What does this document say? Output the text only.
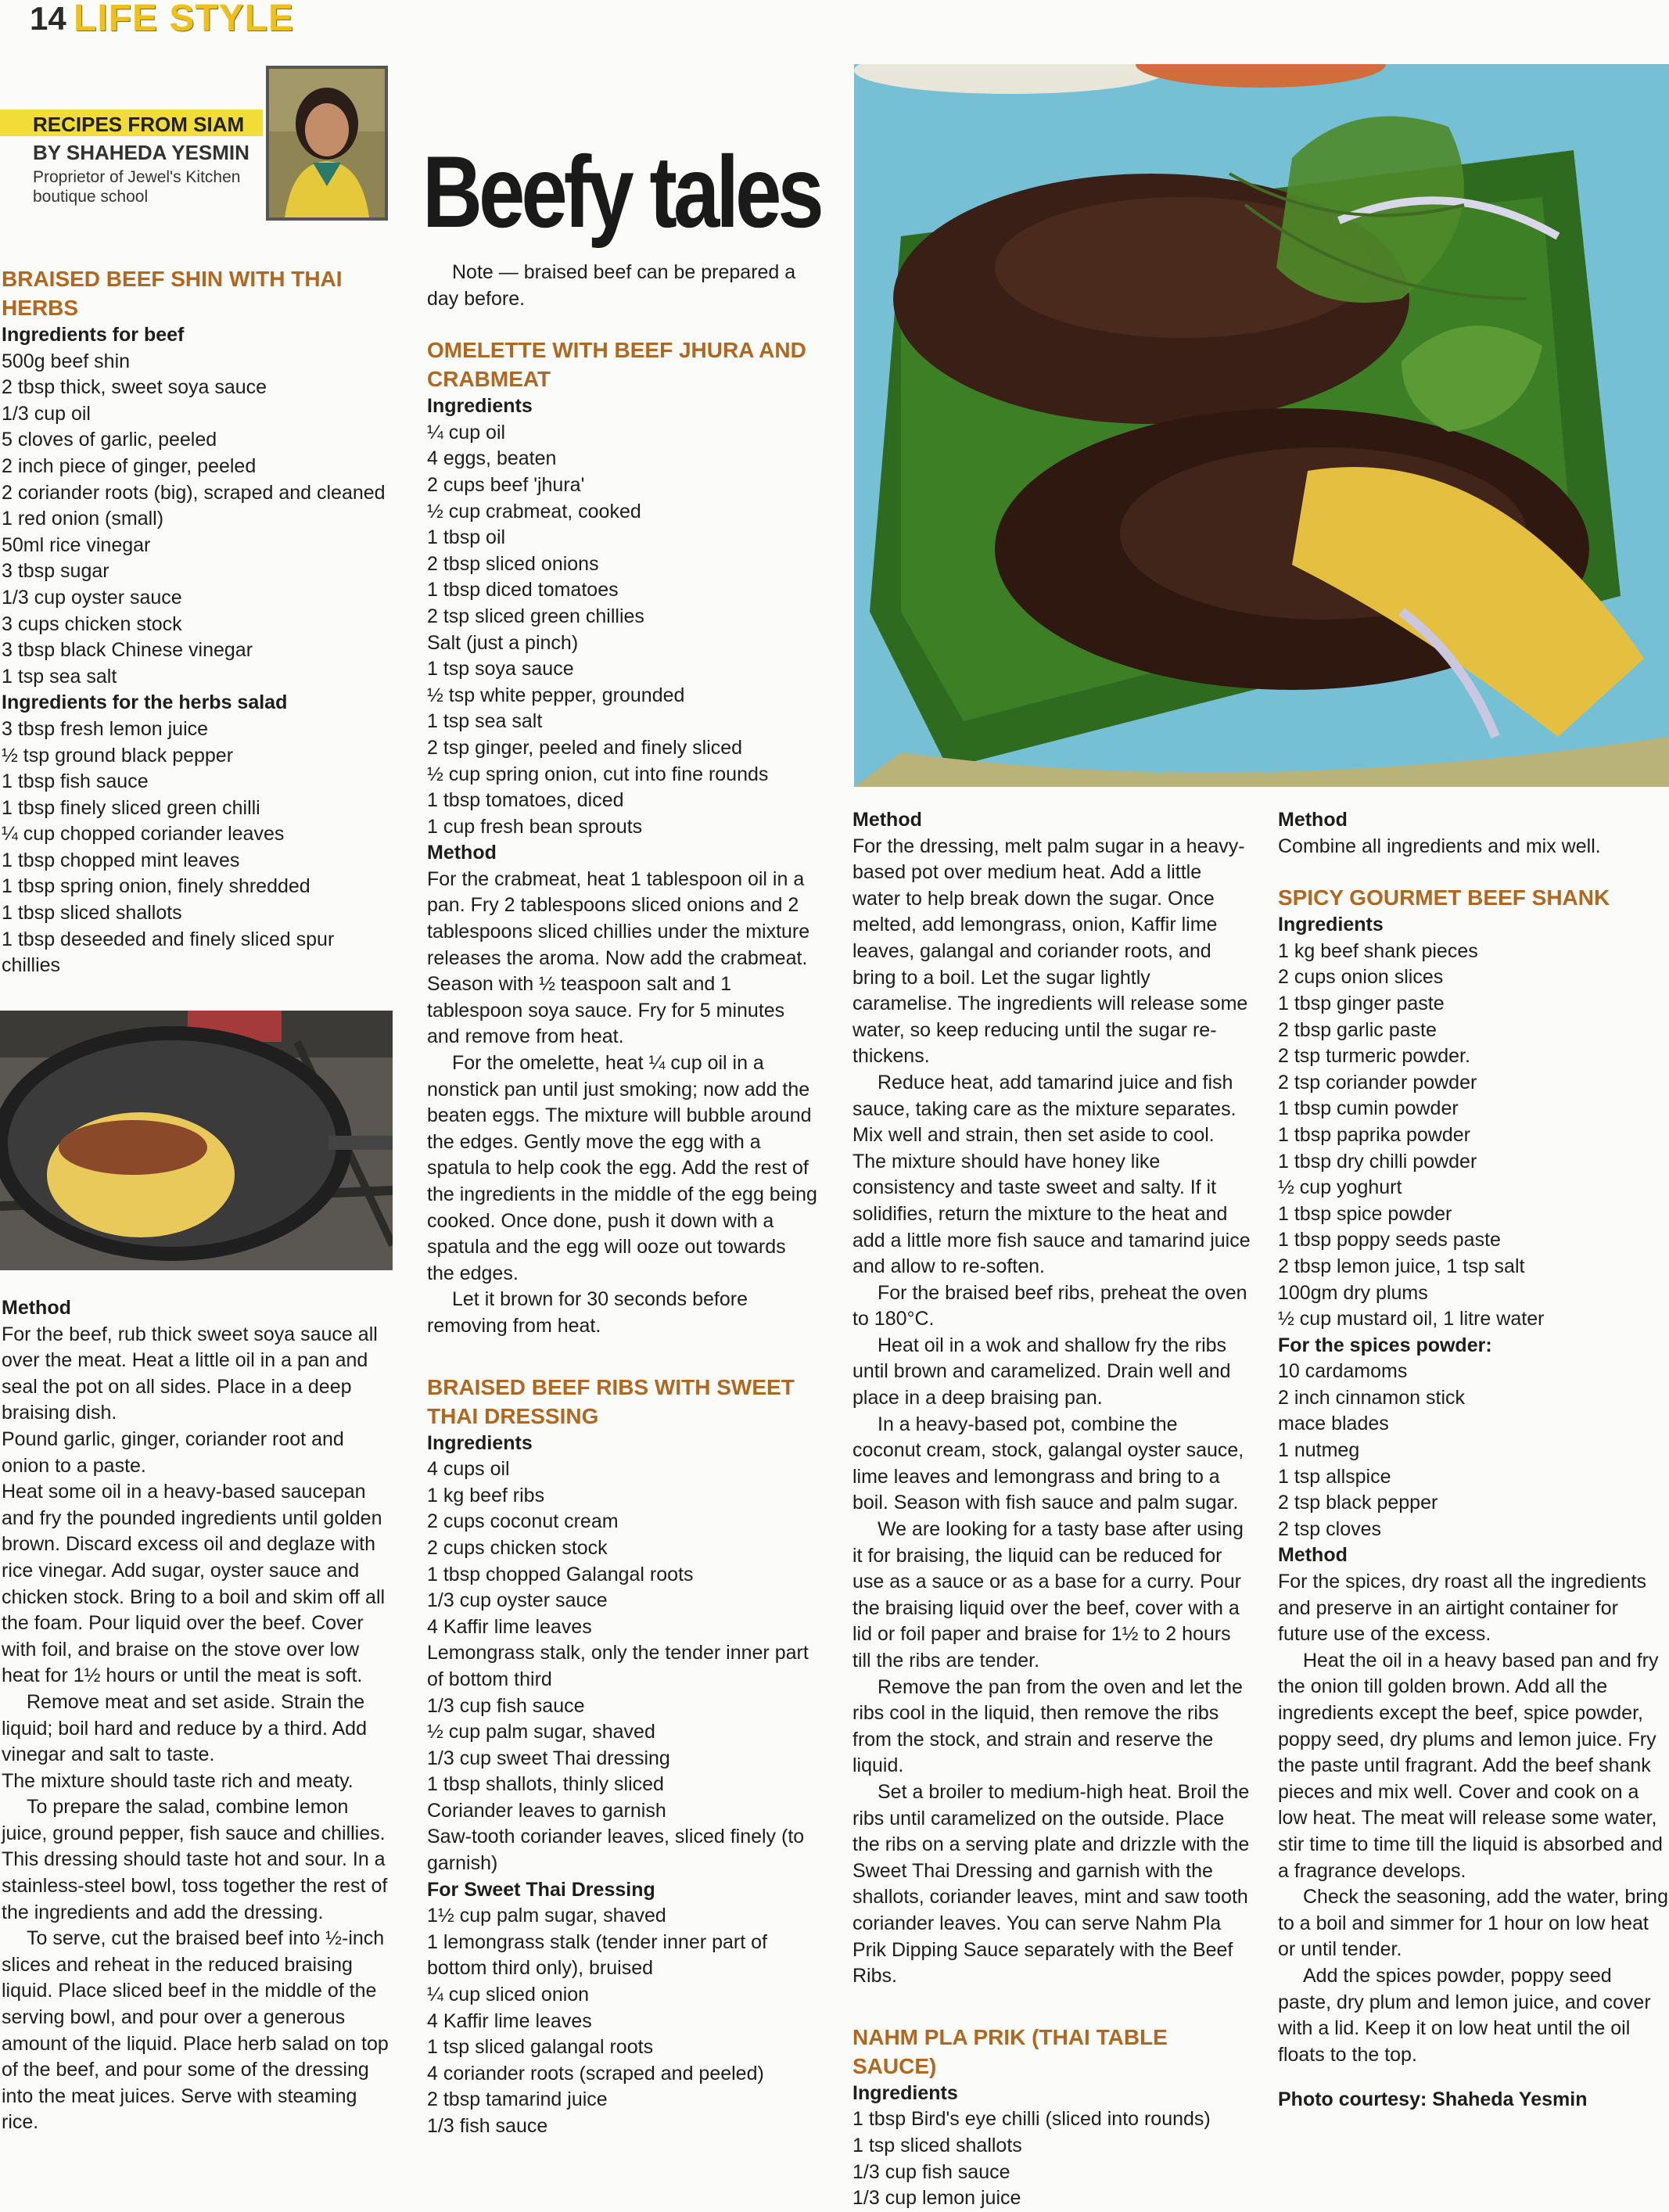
14 LIFE STYLE
RECIPES FROM SIAM
BY SHAHEDA YESMIN
Proprietor of Jewel's Kitchen boutique school	Beefy tales

BRAISED BEEF SHIN WITH THAI HERBS

Ingredients for beef

500g beef shin

2 tbsp thick, sweet soya sauce

1/3 cup oil

5 cloves of garlic, peeled

2 inch piece of ginger, peeled

2 coriander roots (big), scraped and cleaned

1 red onion (small)

50ml rice vinegar

3 tbsp sugar

1/3 cup oyster sauce

3 cups chicken stock

3 tbsp black Chinese vinegar

1 tsp sea salt

Ingredients for the herbs salad

3 tbsp fresh lemon juice

½ tsp ground black pepper

1 tbsp fish sauce

1 tbsp finely sliced green chilli

¼ cup chopped coriander leaves

1 tbsp chopped mint leaves

1 tbsp spring onion, finely shredded

1 tbsp sliced shallots

1 tbsp deseeded and finely sliced spur chillies

Method

For the beef, rub thick sweet soya sauce all over the meat. Heat a little oil in a pan and seal the pot on all sides. Place in a deep braising dish.

Pound garlic, ginger, coriander root and onion to a paste.

Heat some oil in a heavy-based saucepan and fry the pounded ingredients until golden brown. Discard excess oil and deglaze with rice vinegar. Add sugar, oyster sauce and chicken stock. Bring to a boil and skim off all the foam. Pour liquid over the beef. Cover with foil, and braise on the stove over low heat for 1½ hours or until the meat is soft.

Remove meat and set aside. Strain the liquid; boil hard and reduce by a third. Add vinegar and salt to taste.

The mixture should taste rich and meaty.

To prepare the salad, combine lemon juice, ground pepper, fish sauce and chillies. This dressing should taste hot and sour. In a stainless-steel bowl, toss together the rest of the ingredients and add the dressing.

To serve, cut the braised beef into ½-inch slices and reheat in the reduced braising liquid. Place sliced beef in the middle of the serving bowl, and pour over a generous amount of the liquid. Place herb salad on top of the beef, and pour some of the dressing into the meat juices. Serve with steaming rice.

Note — braised beef can be prepared a day before.

OMELETTE WITH BEEF JHURA AND CRABMEAT

Ingredients

¼ cup oil

4 eggs, beaten

2 cups beef 'jhura'

½ cup crabmeat, cooked

1 tbsp oil

2 tbsp sliced onions

1 tbsp diced tomatoes

2 tsp sliced green chillies

Salt (just a pinch)

1 tsp soya sauce

½ tsp white pepper, grounded

1 tsp sea salt

2 tsp ginger, peeled and finely sliced

½ cup spring onion, cut into fine rounds

1 tbsp tomatoes, diced

1 cup fresh bean sprouts

Method

For the crabmeat, heat 1 tablespoon oil in a pan. Fry 2 tablespoons sliced onions and 2 tablespoons sliced chillies under the mixture releases the aroma. Now add the crabmeat. Season with ½ teaspoon salt and 1 tablespoon soya sauce. Fry for 5 minutes and remove from heat.

For the omelette, heat ¼ cup oil in a nonstick pan until just smoking; now add the beaten eggs. The mixture will bubble around the edges. Gently move the egg with a spatula to help cook the egg. Add the rest of the ingredients in the middle of the egg being cooked. Once done, push it down with a spatula and the egg will ooze out towards the edges.

Let it brown for 30 seconds before removing from heat.

BRAISED BEEF RIBS WITH SWEET THAI DRESSING

Ingredients

4 cups oil

1 kg beef ribs

2 cups coconut cream

2 cups chicken stock

1 tbsp chopped Galangal roots

1/3 cup oyster sauce

4 Kaffir lime leaves

Lemongrass stalk, only the tender inner part of bottom third

1/3 cup fish sauce

½ cup palm sugar, shaved

1/3 cup sweet Thai dressing

1 tbsp shallots, thinly sliced

Coriander leaves to garnish

Saw-tooth coriander leaves, sliced finely (to garnish)

For Sweet Thai Dressing

1½ cup palm sugar, shaved

1 lemongrass stalk (tender inner part of bottom third only), bruised

¼ cup sliced onion

4 Kaffir lime leaves

1 tsp sliced galangal roots

4 coriander roots (scraped and peeled)

2 tbsp tamarind juice

1/3 fish sauce

Method

For the dressing, melt palm sugar in a heavy-based pot over medium heat. Add a little water to help break down the sugar. Once melted, add lemongrass, onion, Kaffir lime leaves, galangal and coriander roots, and bring to a boil. Let the sugar lightly caramelise. The ingredients will release some water, so keep reducing until the sugar re-thickens.

Reduce heat, add tamarind juice and fish sauce, taking care as the mixture separates. Mix well and strain, then set aside to cool. The mixture should have honey like consistency and taste sweet and salty. If it solidifies, return the mixture to the heat and add a little more fish sauce and tamarind juice and allow to re-soften.

For the braised beef ribs, preheat the oven to 180°C.

Heat oil in a wok and shallow fry the ribs until brown and caramelized. Drain well and place in a deep braising pan.

In a heavy-based pot, combine the coconut cream, stock, galangal oyster sauce, lime leaves and lemongrass and bring to a boil. Season with fish sauce and palm sugar.

We are looking for a tasty base after using it for braising, the liquid can be reduced for use as a sauce or as a base for a curry. Pour the braising liquid over the beef, cover with a lid or foil paper and braise for 1½ to 2 hours till the ribs are tender.

Remove the pan from the oven and let the ribs cool in the liquid, then remove the ribs from the stock, and strain and reserve the liquid.

Set a broiler to medium-high heat. Broil the ribs until caramelized on the outside. Place the ribs on a serving plate and drizzle with the Sweet Thai Dressing and garnish with the shallots, coriander leaves, mint and saw tooth coriander leaves. You can serve Nahm Pla Prik Dipping Sauce separately with the Beef Ribs.

NAHM PLA PRIK (THAI TABLE SAUCE)

Ingredients

1 tbsp Bird's eye chilli (sliced into rounds)

1 tsp sliced shallots

1/3 cup fish sauce

1/3 cup lemon juice

Method

Combine all ingredients and mix well.

SPICY GOURMET BEEF SHANK

Ingredients

1 kg beef shank pieces

2 cups onion slices

1 tbsp ginger paste

2 tbsp garlic paste

2 tsp turmeric powder.

2 tsp coriander powder

1 tbsp cumin powder

1 tbsp paprika powder

1 tbsp dry chilli powder

½ cup yoghurt

1 tbsp spice powder

1 tbsp poppy seeds paste

2 tbsp lemon juice, 1 tsp salt

100gm dry plums

½ cup mustard oil, 1 litre water

For the spices powder:

10 cardamoms

2 inch cinnamon stick

mace blades

1 nutmeg

1 tsp allspice

2 tsp black pepper

2 tsp cloves

Method

For the spices, dry roast all the ingredients and preserve in an airtight container for future use of the excess.

Heat the oil in a heavy based pan and fry the onion till golden brown. Add all the ingredients except the beef, spice powder, poppy seed, dry plums and lemon juice. Fry the paste until fragrant. Add the beef shank pieces and mix well. Cover and cook on a low heat. The meat will release some water, stir time to time till the liquid is absorbed and a fragrance develops.

Check the seasoning, add the water, bring to a boil and simmer for 1 hour on low heat or until tender.

Add the spices powder, poppy seed paste, dry plum and lemon juice, and cover with a lid. Keep it on low heat until the oil floats to the top.

Photo courtesy: Shaheda Yesmin
